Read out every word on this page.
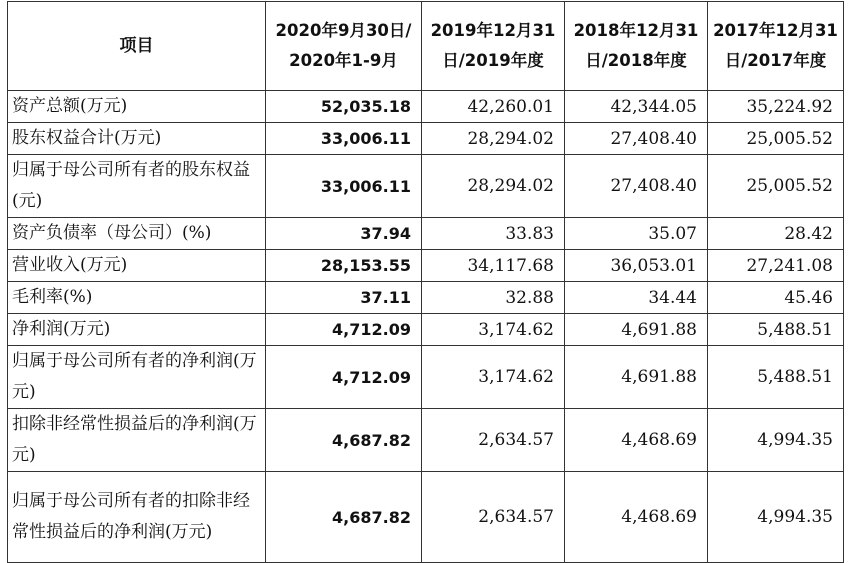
项目	2020年9月30日/2020年1-9月	2019年12月31日/2019年度	2018年12月31日/2018年度	2017年12月31日/2017年度
资产总额(万元)	52,035.18	42,260.01	42,344.05	35,224.92
股东权益合计(万元)	33,006.11	28,294.02	27,408.40	25,005.52
归属于母公司所有者的股东权益(元)	33,006.11	28,294.02	27,408.40	25,005.52
资产负债率（母公司）(%)	37.94	33.83	35.07	28.42
营业收入(万元)	28,153.55	34,117.68	36,053.01	27,241.08
毛利率(%)	37.11	32.88	34.44	45.46
净利润(万元)	4,712.09	3,174.62	4,691.88	5,488.51
归属于母公司所有者的净利润(万元)	4,712.09	3,174.62	4,691.88	5,488.51
扣除非经常性损益后的净利润(万元)	4,687.82	2,634.57	4,468.69	4,994.35
归属于母公司所有者的扣除非经常性损益后的净利润(万元)	4,687.82	2,634.57	4,468.69	4,994.35
